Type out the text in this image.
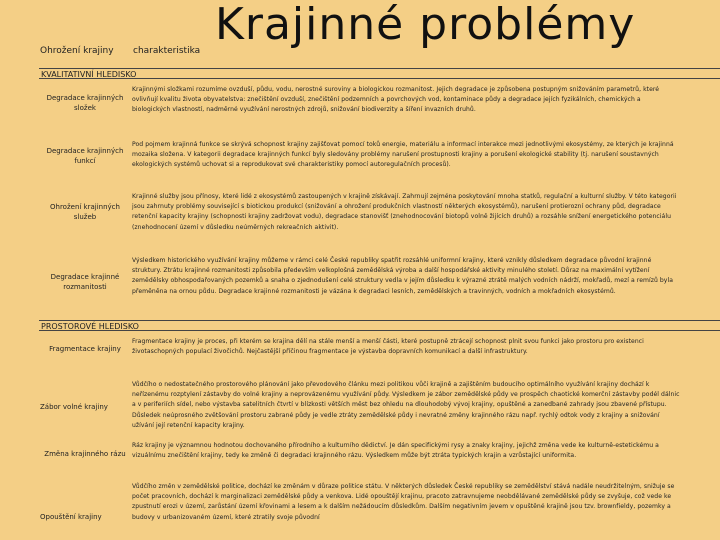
Krajinné problémy
Ohrožení krajiny charakteristika
KVALITATIVNÍ HLEDISKO
Degradace krajinných složek
Krajinnými složkami rozumíme ovzduší, půdu, vodu, nerostné suroviny a biologickou rozmanitost. Jejich degradace je způsobena postupným snižováním parametrů, které ovlivňují kvalitu života obyvatelstva: znečištění ovzduší, znečištění podzemních a povrchových vod, kontaminace půdy a degradace jejích fyzikálních, chemických a biologických vlastností, nadměrné využívání nerostných zdrojů, snižování biodiverzity a šíření invazních druhů.
Degradace krajinných funkcí
Pod pojmem krajinná funkce se skrývá schopnost krajiny zajišťovat pomocí toků energie, materiálu a informací interakce mezi jednotlivými ekosystémy, ze kterých je krajinná mozaika složena. V kategorii degradace krajinných funkcí byly sledovány problémy narušení prostupnosti krajiny a porušení ekologické stability (tj. narušení soustavných ekologických systémů uchovat si a reprodukovat své charakteristiky pomocí autoregulačních procesů).
Ohrožení krajinných služeb
Krajinné služby jsou přínosy, které lidé z ekosystémů zastoupených v krajině získávají. Zahrnují zejména poskytování mnoha statků, regulační a kulturní služby. V této kategorii jsou zahrnuty problémy související s biotickou produkcí (snižování a ohrožení produkčních vlastností některých ekosystémů), narušení protierozní ochrany půd, degradace retenční kapacity krajiny (schopnosti krajiny zadržovat vodu), degradace stanovišť (znehodnocování biotopů volně žijících druhů) a rozsáhle snížení energetického potenciálu (znehodnocení území v důsledku neúměrných rekreačních aktivit).
Degradace krajinné rozmanitosti
Výsledkem historického využívání krajiny můžeme v rámci celé České republiky spatřit rozsáhlé uniformní krajiny, které vznikly důsledkem degradace původní krajinné struktury. Ztrátu krajinné rozmanitosti způsobila především velkoplošná zemědělská výroba a další hospodářské aktivity minulého století. Důraz na maximální vytížení zemědělsky obhospodařovaných pozemků a snaha o zjednodušení celé struktury vedla v jejím důsledku k výrazné ztrátě malých vodních nádrží, mokřadů, mezí a remízů byla přeměněna na ornou půdu. Degradace krajinné rozmanitosti je vázána k degradaci lesních, zemědělských a travinných, vodních a mokřadních ekosystémů.
PROSTOROVÉ HLEDISKO
Fragmentace krajiny
Fragmentace krajiny je proces, při kterém se krajina dělí na stále menší a menší části, které postupně ztrácejí schopnost plnit svou funkci jako prostoru pro existenci životaschopných populací živočichů. Nejčastější příčinou fragmentace je výstavba dopravních komunikací a další infrastruktury.
Zábor volné krajiny
Vůdčího o nedostatečného prostorového plánování jako převodového článku mezi politikou vůči krajině a zajištěním budoucího optimálního využívání krajiny dochází k neřízenému rozptylení zástavby do volné krajiny a neprovázenému využívání půdy. Výsledkem je zábor zemědělské půdy ve prospěch chaotické komerční zástavby podél dálnic a v periferiích sídel, nebo výstavba satelitních čtvrtí v blízkosti větších měst bez ohledu na dlouhodobý vývoj krajiny, opuštěné a zanedbané zahrady jsou zbavené přístupu. Důsledek neúprosného zvětšování prostoru zabrané půdy je vedle ztráty zemědělské půdy i nevratné změny krajinného rázu např. rychlý odtok vody z krajiny a snižování užívání její retenční kapacity krajiny.
Změna krajinného rázu
Ráz krajiny je významnou hodnotou dochovaného přírodního a kulturního dědictví. Je dán specifickými rysy a znaky krajiny, jejichž změna vede ke kulturně-estetickému a vizuálnímu znečištění krajiny, tedy ke změně či degradaci krajinného rázu. Výsledkem může být ztráta typických krajin a vzrůstající uniformita.
Opouštění krajiny
Vůdčího změn v zemědělské politice, dochází ke změnám v důraze politice státu. V některých důsledek České republiky se zemědělství stává nadále neudržitelným, snižuje se počet pracovních, dochází k marginalizaci zemědělské půdy a venkova. Lidé opouštějí krajinu, pracoto zatravnujeme neobdělávané zemědělské půdy se zvyšuje, což vede ke zpustnutí erozi v území, zarůstání území křovinami a lesem a k dalším nežádoucím důsledkům. Dalším negativním jevem v opuštěné krajině jsou tzv. brownfieldy, pozemky a budovy v urbanizovaném území, které ztratily svoje původní
